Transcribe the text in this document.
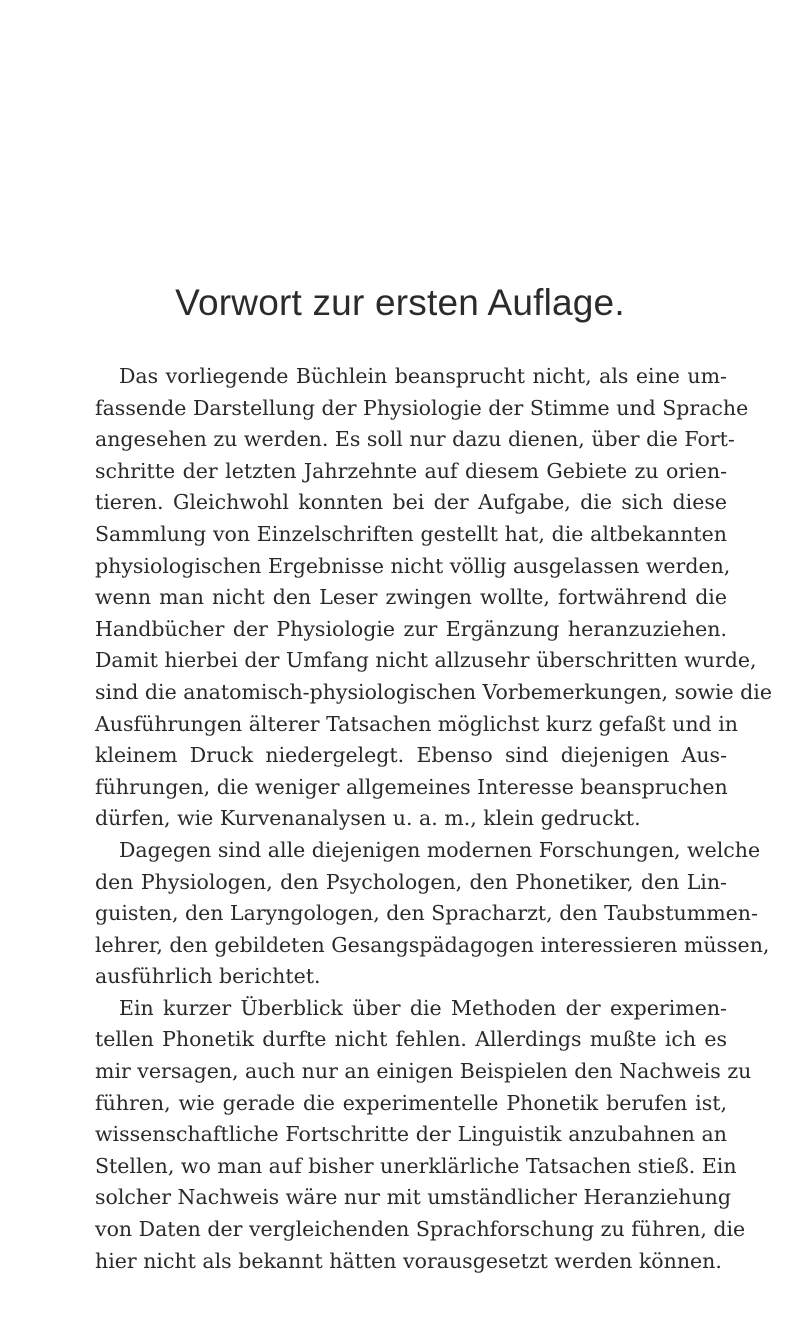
Vorwort zur ersten Auflage.
Das vorliegende Büchlein beansprucht nicht, als eine um-
fassende Darstellung der Physiologie der Stimme und Sprache
angesehen zu werden. Es soll nur dazu dienen, über die Fort-
schritte der letzten Jahrzehnte auf diesem Gebiete zu orien-
tieren. Gleichwohl konnten bei der Aufgabe, die sich diese
Sammlung von Einzelschriften gestellt hat, die altbekannten
physiologischen Ergebnisse nicht völlig ausgelassen werden,
wenn man nicht den Leser zwingen wollte, fortwährend die
Handbücher der Physiologie zur Ergänzung heranzuziehen.
Damit hierbei der Umfang nicht allzusehr überschritten wurde,
sind die anatomisch-physiologischen Vorbemerkungen, sowie die
Ausführungen älterer Tatsachen möglichst kurz gefaßt und in
kleinem Druck niedergelegt. Ebenso sind diejenigen Aus-
führungen, die weniger allgemeines Interesse beanspruchen
dürfen, wie Kurvenanalysen u. a. m., klein gedruckt.
Dagegen sind alle diejenigen modernen Forschungen, welche
den Physiologen, den Psychologen, den Phonetiker, den Lin-
guisten, den Laryngologen, den Spracharzt, den Taubstummen-
lehrer, den gebildeten Gesangspädagogen interessieren müssen,
ausführlich berichtet.
Ein kurzer Überblick über die Methoden der experimen-
tellen Phonetik durfte nicht fehlen. Allerdings mußte ich es
mir versagen, auch nur an einigen Beispielen den Nachweis zu
führen, wie gerade die experimentelle Phonetik berufen ist,
wissenschaftliche Fortschritte der Linguistik anzubahnen an
Stellen, wo man auf bisher unerklärliche Tatsachen stieß. Ein
solcher Nachweis wäre nur mit umständlicher Heranziehung
von Daten der vergleichenden Sprachforschung zu führen, die
hier nicht als bekannt hätten vorausgesetzt werden können.
